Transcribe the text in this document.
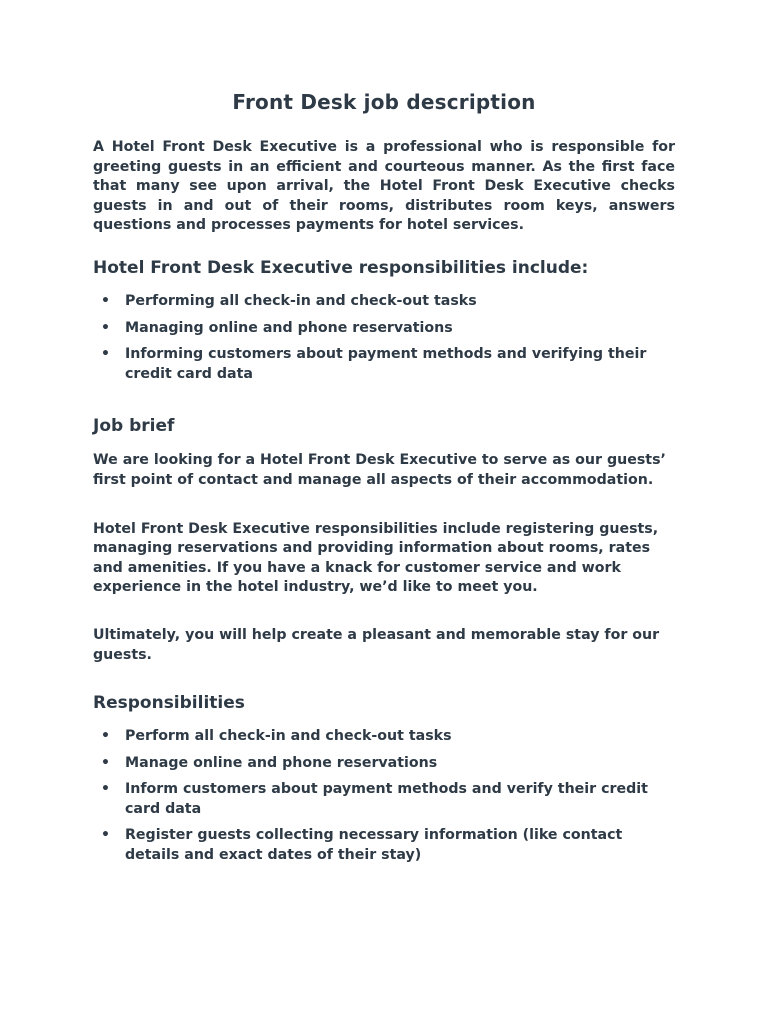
Front Desk job description

A Hotel Front Desk Executive is a professional who is responsible for greeting guests in an efficient and courteous manner. As the first face that many see upon arrival, the Hotel Front Desk Executive checks guests in and out of their rooms, distributes room keys, answers questions and processes payments for hotel services.

Hotel Front Desk Executive responsibilities include:
• Performing all check-in and check-out tasks
• Managing online and phone reservations
• Informing customers about payment methods and verifying their credit card data
Job brief

We are looking for a Hotel Front Desk Executive to serve as our guests’ first point of contact and manage all aspects of their accommodation.

Hotel Front Desk Executive responsibilities include registering guests, managing reservations and providing information about rooms, rates and amenities. If you have a knack for customer service and work experience in the hotel industry, we’d like to meet you.

Ultimately, you will help create a pleasant and memorable stay for our guests.

Responsibilities
• Perform all check-in and check-out tasks
• Manage online and phone reservations
• Inform customers about payment methods and verify their credit card data
• Register guests collecting necessary information (like contact details and exact dates of their stay)
